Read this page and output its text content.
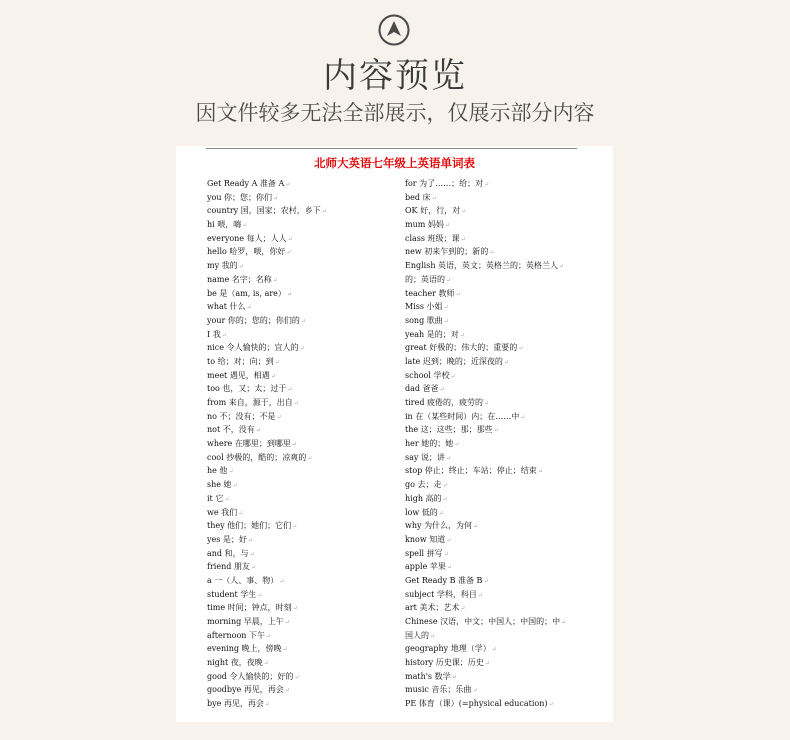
内容预览
因文件较多无法全部展示，仅展示部分内容
北师大英语七年级上英语单词表
Get Ready A 准备 A↵
you 你；您；你们↵
country 国，国家；农村，乡下↵
hi 喂，嗨↵
everyone 每人；人人↵
hello 哈罗，喂，你好↵
my 我的↵
name 名字；名称↵
be 是（am, is, are）↵
what 什么↵
your 你的；您的；你们的↵
I 我↵
nice 令人愉快的；宜人的↵
to 给；对；向；到↵
meet 遇见，相遇↵
too 也，又；太；过于↵
from 来自，源于，出自↵
no 不；没有；不是↵
not 不，没有↵
where 在哪里；到哪里↵
cool 抄极的，酷的；凉爽的↵
he 他↵
she 她↵
it 它↵
we 我们↵
they 他们；她们；它们↵
yes 是；好↵
and 和，与↵
friend 朋友↵
a 一（人、事、物）↵
student 学生↵
time 时间；钟点，时刻↵
morning 早晨，上午↵
afternoon 下午↵
evening 晚上，傍晚↵
night 夜，夜晚↵
good 令人愉快的；好的↵
goodbye 再见，再会↵
bye 再见，再会↵
for 为了……；给；对↵
bed 床↵
OK 好，行，对↵
mum 妈妈↵
class 班级；课↵
new 初来乍到的；新的↵
English 英语，英文；英格兰的；英格兰人↵
的；英语的↵
teacher 教师↵
Miss 小姐↵
song 歌曲↵
yeah 是的；对↵
great 好极的；伟大的；重要的↵
late 迟到；晚的；近深夜的↵
school 学校↵
dad 爸爸↵
tired 疲倦的，疲劳的↵
in 在（某些时间）内；在……中↵
the 这；这些；那；那些↵
her 她的；她↵
say 说；讲↵
stop 停止；终止；车站；停止；结束↵
go 去；走↵
high 高的↵
low 低的↵
why 为什么，为何↵
know 知道↵
spell 拼写↵
apple 苹果↵
Get Ready B 准备 B↵
subject 学科，科目↵
art 美术；艺术↵
Chinese 汉语，中文；中国人；中国的；中↵
国人的↵
geography 地理（学）↵
history 历史课；历史↵
math's 数学↵
music 音乐；乐曲↵
PE 体育（课）(=physical education)↵
